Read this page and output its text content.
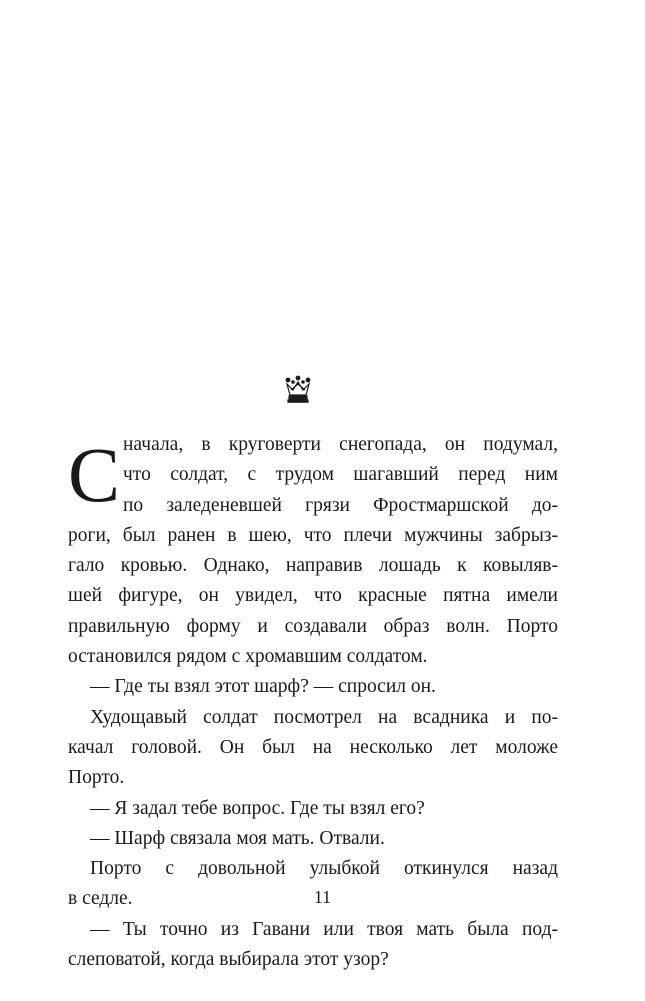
С начала, в круговерти снегопада, он подумал,
что солдат, с трудом шагавший перед ним
по заледеневшей грязи Фростмаршской до-
роги, был ранен в шею, что плечи мужчины забрыз-
гало кровью. Однако, направив лошадь к ковыляв-
шей фигуре, он увидел, что красные пятна имели
правильную форму и создавали образ волн. Порто
остановился рядом с хромавшим солдатом.
— Где ты взял этот шарф? — спросил он.
Худощавый солдат посмотрел на всадника и по-
качал головой. Он был на несколько лет моложе
Порто.
— Я задал тебе вопрос. Где ты взял его?
— Шарф связала моя мать. Отвали.
Порто с довольной улыбкой откинулся назад
в седле.
— Ты точно из Гавани или твоя мать была под-
слеповатой, когда выбирала этот узор?
11
